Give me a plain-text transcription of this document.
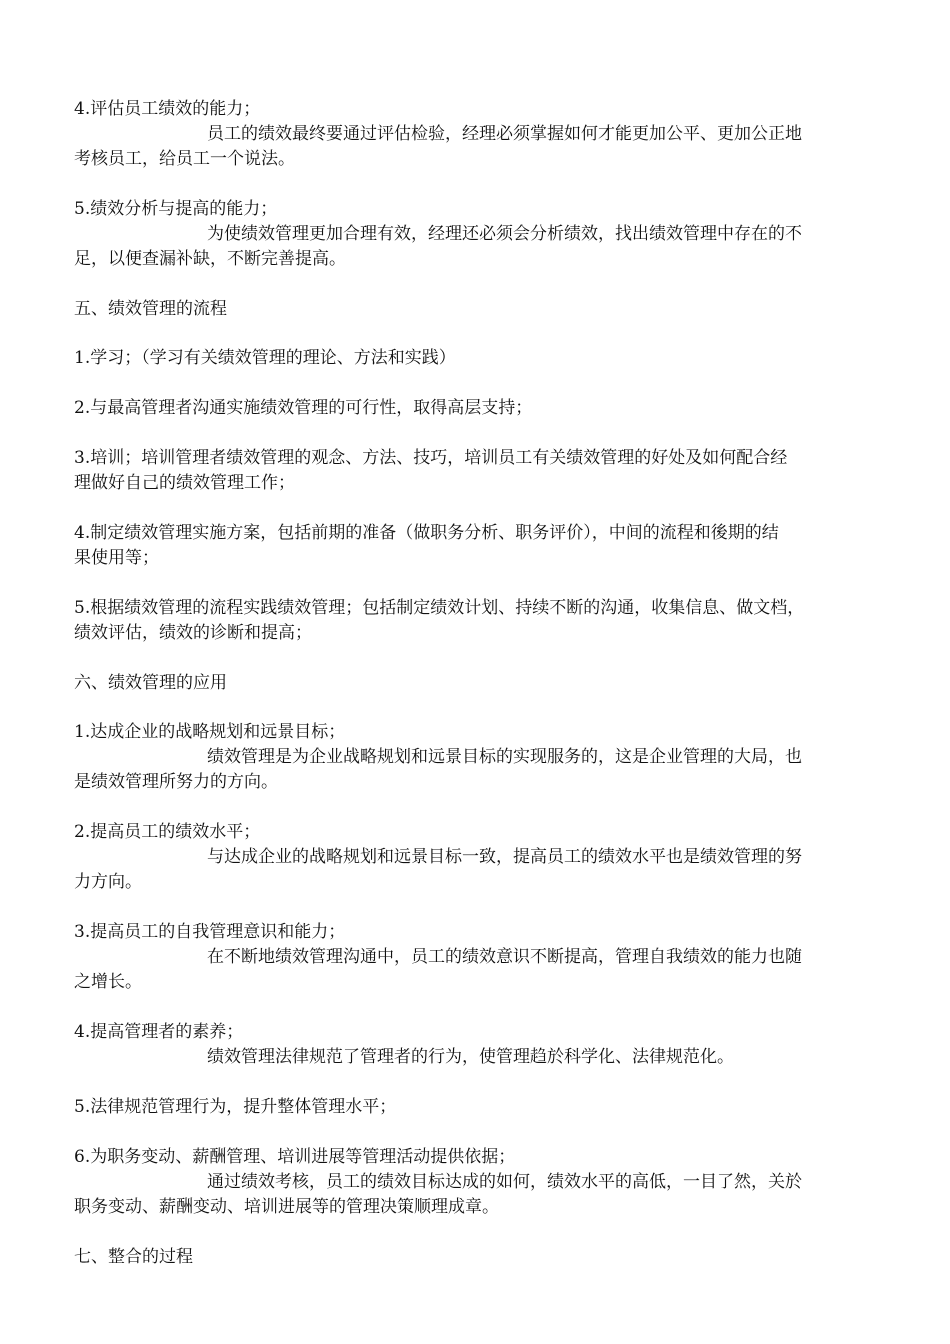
4.评估员工绩效的能力；
员工的绩效最终要通过评估检验，经理必须掌握如何才能更加公平、更加公正地
考核员工，给员工一个说法。
5.绩效分析与提高的能力；
为使绩效管理更加合理有效，经理还必须会分析绩效，找出绩效管理中存在的不
足，以便查漏补缺，不断完善提高。
五、绩效管理的流程
1.学习；（学习有关绩效管理的理论、方法和实践）
2.与最高管理者沟通实施绩效管理的可行性，取得高层支持；
3.培训；培训管理者绩效管理的观念、方法、技巧，培训员工有关绩效管理的好处及如何配合经
理做好自己的绩效管理工作；
4.制定绩效管理实施方案，包括前期的准备（做职务分析、职务评价），中间的流程和後期的结
果使用等；
5.根据绩效管理的流程实践绩效管理；包括制定绩效计划、持续不断的沟通，收集信息、做文档，
绩效评估，绩效的诊断和提高；
六、绩效管理的应用
1.达成企业的战略规划和远景目标；
绩效管理是为企业战略规划和远景目标的实现服务的，这是企业管理的大局，也
是绩效管理所努力的方向。
2.提高员工的绩效水平；
与达成企业的战略规划和远景目标一致，提高员工的绩效水平也是绩效管理的努
力方向。
3.提高员工的自我管理意识和能力；
在不断地绩效管理沟通中，员工的绩效意识不断提高，管理自我绩效的能力也随
之增长。
4.提高管理者的素养；
绩效管理法律规范了管理者的行为，使管理趋於科学化、法律规范化。
5.法律规范管理行为，提升整体管理水平；
6.为职务变动、薪酬管理、培训进展等管理活动提供依据；
通过绩效考核，员工的绩效目标达成的如何，绩效水平的高低，一目了然，关於
职务变动、薪酬变动、培训进展等的管理决策顺理成章。
七、整合的过程
